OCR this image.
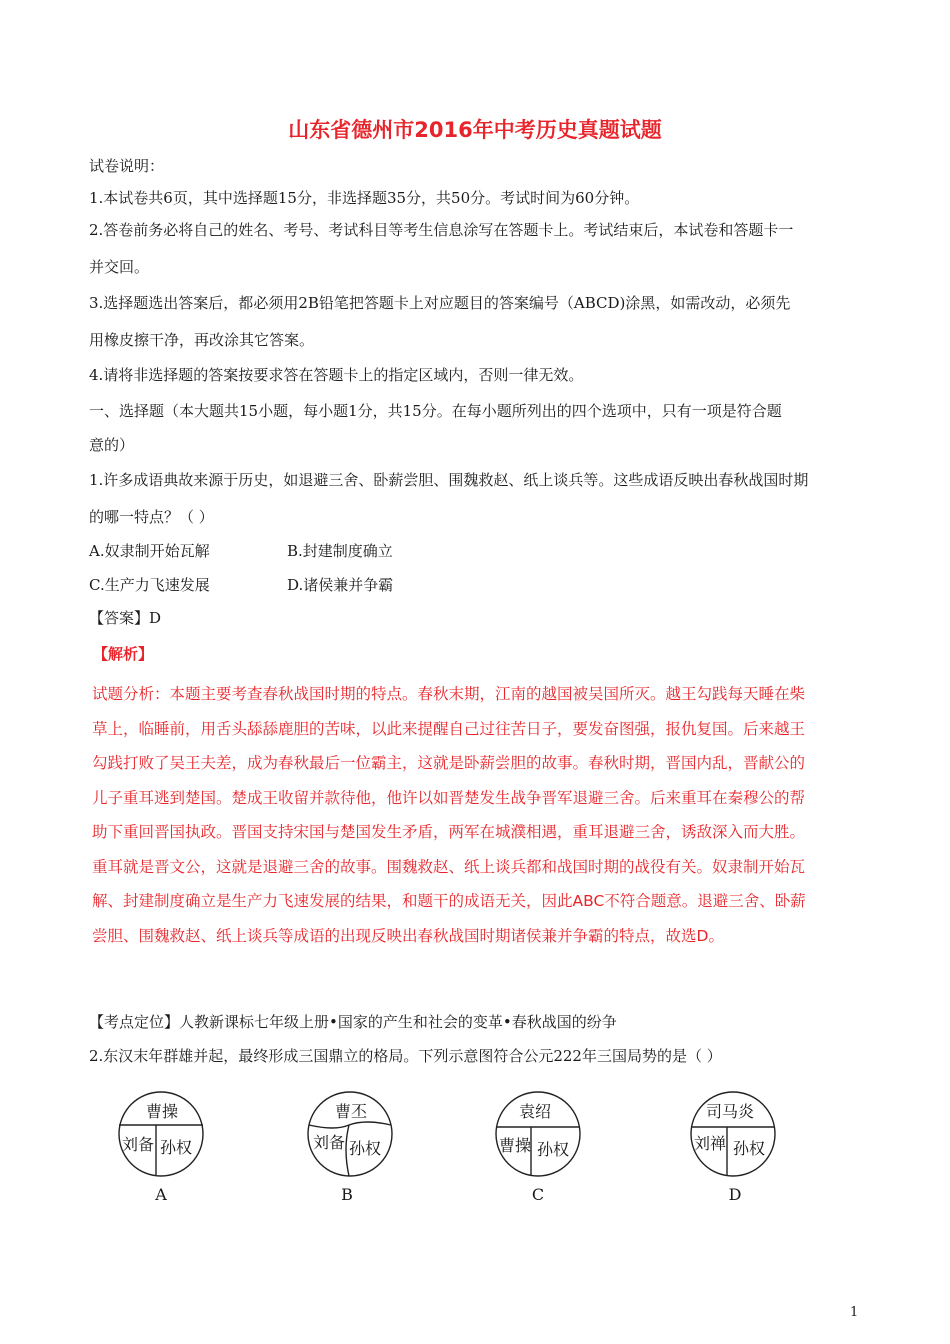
山东省德州市2016年中考历史真题试题
试卷说明：
1.本试卷共6页，其中选择题15分，非选择题35分，共50分。考试时间为60分钟。
2.答卷前务必将自己的姓名、考号、考试科目等考生信息涂写在答题卡上。考试结束后，本试卷和答题卡一
并交回。
3.选择题选出答案后，都必须用2B铅笔把答题卡上对应题目的答案编号（ABCD)涂黑，如需改动，必须先
用橡皮擦干净，再改涂其它答案。
4.请将非选择题的答案按要求答在答题卡上的指定区域内，否则一律无效。
一、选择题（本大题共15小题，每小题1分，共15分。在每小题所列出的四个选项中，只有一项是符合题
意的）
1.许多成语典故来源于历史，如退避三舍、卧薪尝胆、围魏救赵、纸上谈兵等。这些成语反映出春秋战国时期
的哪一特点？（ ）
A.奴隶制开始瓦解	B.封建制度确立
C.生产力飞速发展	D.诸侯兼并争霸
【答案】D
【解析】
试题分析：本题主要考查春秋战国时期的特点。春秋末期，江南的越国被吴国所灭。越王勾践每天睡在柴
草上，临睡前，用舌头舔舔鹿胆的苦味，以此来提醒自己过往苦日子，要发奋图强，报仇复国。后来越王
勾践打败了吴王夫差，成为春秋最后一位霸主，这就是卧薪尝胆的故事。春秋时期，晋国内乱，晋献公的
儿子重耳逃到楚国。楚成王收留并款待他，他许以如晋楚发生战争晋军退避三舍。后来重耳在秦穆公的帮
助下重回晋国执政。晋国支持宋国与楚国发生矛盾，两军在城濮相遇，重耳退避三舍，诱敌深入而大胜。
重耳就是晋文公，这就是退避三舍的故事。围魏救赵、纸上谈兵都和战国时期的战役有关。奴隶制开始瓦
解、封建制度确立是生产力飞速发展的结果，和题干的成语无关，因此ABC不符合题意。退避三舍、卧薪
尝胆、围魏救赵、纸上谈兵等成语的出现反映出春秋战国时期诸侯兼并争霸的特点，故选D。
【考点定位】人教新课标七年级上册•国家的产生和社会的变革•春秋战国的纷争
2.东汉末年群雄并起，最终形成三国鼎立的格局。下列示意图符合公元222年三国局势的是（ ）
曹操
刘备 孙权
A
曹丕
刘备 孙权
B
袁绍
曹操 孙权
C
司马炎
刘禅 孙权
D
1
